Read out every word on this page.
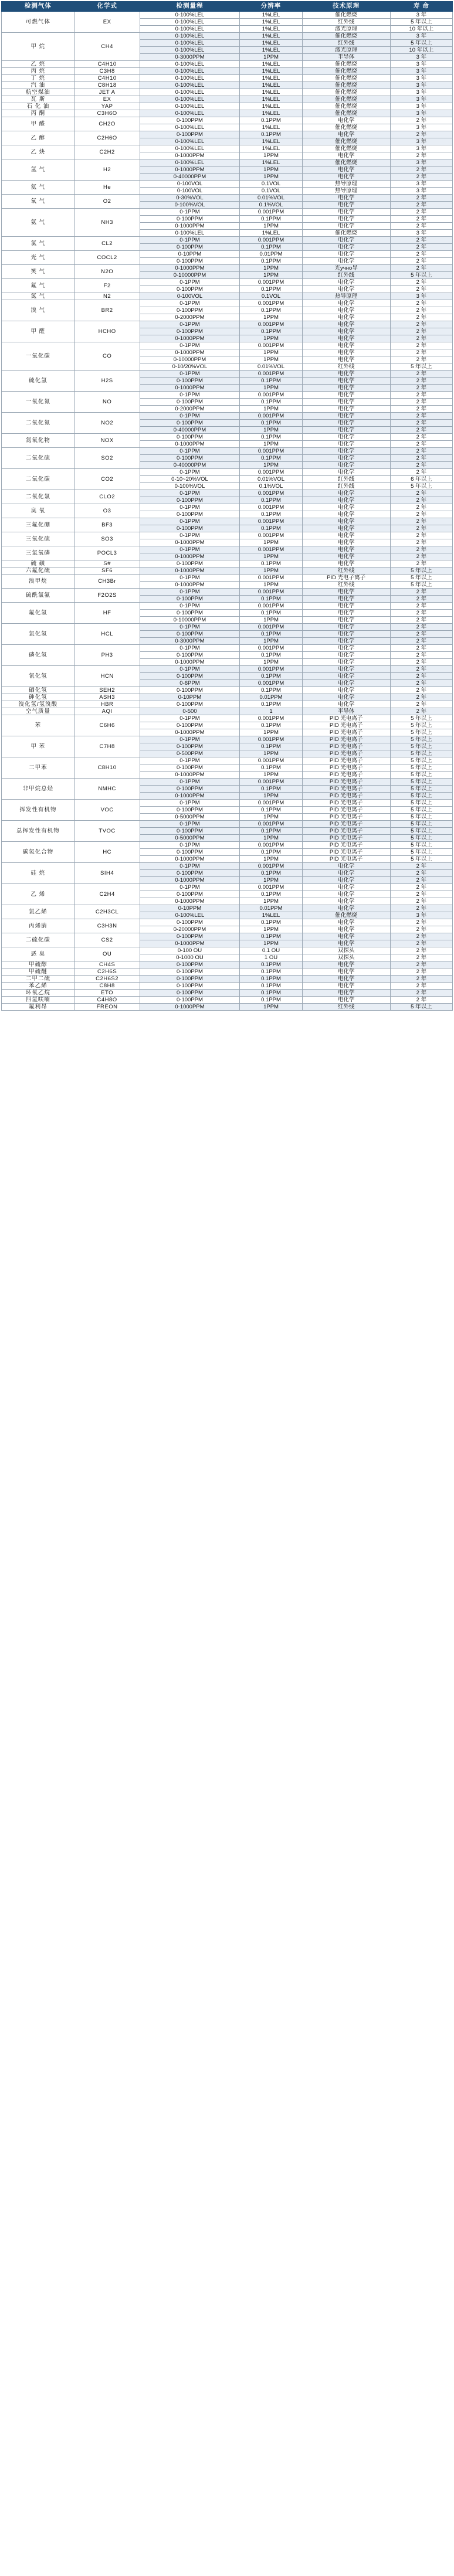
检测气体	化学式	检测量程	分辨率	技术原理	寿 命
可燃气体	EX	0-100%LEL	1%LEL	催化燃烧	3 年
		0-100%LEL	1%LEL	红外线	5 年以上
		0-100%LEL	1%LEL	激光原理	10 年以上
甲 烷	CH4	0-100%LEL	1%LEL	催化燃烧	3 年
		0-100%LEL	1%LEL	红外线	5 年以上
		0-100%LEL	1%LEL	激光原理	10 年以上
		0-3000PPM	1PPM	半导体	3 年
乙 烷	C4H10	0-100%LEL	1%LEL	催化燃烧	3 年
丙 烷	C3H8	0-100%LEL	1%LEL	催化燃烧	3 年
丁 烷	C4H10	0-100%LEL	1%LEL	催化燃烧	3 年
汽 油	C8H18	0-100%LEL	1%LEL	催化燃烧	3 年
航空煤油	JET A	0-100%LEL	1%LEL	催化燃烧	3 年
瓦 斯	EX	0-100%LEL	1%LEL	催化燃烧	3 年
石 化 油	YAP	0-100%LEL	1%LEL	催化燃烧	3 年
丙 酮	C3H6O	0-100%LEL	1%LEL	催化燃烧	3 年
甲 醛	CH2O	0-100PPM	0.1PPM	电化学	2 年
		0-100%LEL	1%LEL	催化燃烧	3 年
乙 醇	C2H6O	0-100PPM	0.1PPM	电化学	2 年
		0-100%LEL	1%LEL	催化燃烧	3 年
乙 炔	C2H2	0-100%LEL	1%LEL	催化燃烧	3 年
		0-1000PPM	1PPM	电化学	2 年
氢 气	H2	0-100%LEL	1%LEL	催化燃烧	3 年
		0-1000PPM	1PPM	电化学	2 年
		0-40000PPM	1PPM	电化学	2 年
氦 气	He	0-100VOL	0.1VOL	热导原理	3 年
		0-100VOL	0.1VOL	热导原理	3 年
氧 气	O2	0-30%VOL	0.01%VOL	电化学	2 年
		0-100%VOL	0.1%VOL	电化学	2 年
氨 气	NH3	0-1PPM	0.001PPM	电化学	2 年
		0-100PPM	0.1PPM	电化学	2 年
		0-1000PPM	1PPM	电化学	2 年
		0-100%LEL	1%LEL	催化燃烧	3 年
氯 气	CL2	0-1PPM	0.001PPM	电化学	2 年
		0-100PPM	0.1PPM	电化学	2 年
光 气	COCL2	0-10PPM	0.01PPM	电化学	2 年
		0-100PPM	0.1PPM	电化学	2 年
笑 气	N2O	0-1000PPM	1PPM	光учно导	2 年
		0-10000PPM	1PPM	红外线	5 年以上
氟 气	F2	0-1PPM	0.001PPM	电化学	2 年
		0-100PPM	0.1PPM	电化学	2 年
氮 气	N2	0-100VOL	0.1VOL	热导原理	3 年
溴 气	BR2	0-1PPM	0.001PPM	电化学	2 年
		0-100PPM	0.1PPM	电化学	2 年
		0-2000PPM	1PPM	电化学	2 年
甲 醛	HCHO	0-1PPM	0.001PPM	电化学	2 年
		0-100PPM	0.1PPM	电化学	2 年
		0-1000PPM	1PPM	电化学	2 年
一氧化碳	CO	0-1PPM	0.001PPM	电化学	2 年
		0-1000PPM	1PPM	电化学	2 年
		0-10000PPM	1PPM	电化学	2 年
		0-10/20%VOL	0.01%VOL	红外线	5 年以上
硫化氢	H2S	0-1PPM	0.001PPM	电化学	2 年
		0-100PPM	0.1PPM	电化学	2 年
		0-1000PPM	1PPM	电化学	2 年
一氧化氮	NO	0-1PPM	0.001PPM	电化学	2 年
		0-100PPM	0.1PPM	电化学	2 年
		0-2000PPM	1PPM	电化学	2 年
二氧化氮	NO2	0-1PPM	0.001PPM	电化学	2 年
		0-100PPM	0.1PPM	电化学	2 年
		0-40000PPM	1PPM	电化学	2 年
氮氧化物	NOX	0-100PPM	0.1PPM	电化学	2 年
		0-1000PPM	1PPM	电化学	2 年
二氧化硫	SO2	0-1PPM	0.001PPM	电化学	2 年
		0-100PPM	0.1PPM	电化学	2 年
		0-40000PPM	1PPM	电化学	2 年
二氧化碳	CO2	0-1PPM	0.001PPM	电化学	2 年
		0-10~20%VOL	0.01%VOL	红外线	6 年以上
		0-100%VOL	0.1%VOL	红外线	5 年以上
二氧化氯	CLO2	0-1PPM	0.001PPM	电化学	2 年
		0-100PPM	0.1PPM	电化学	2 年
臭 氧	O3	0-1PPM	0.001PPM	电化学	2 年
		0-100PPM	0.1PPM	电化学	2 年
三氟化硼	BF3	0-1PPM	0.001PPM	电化学	2 年
		0-100PPM	0.1PPM	电化学	2 年
三氧化硫	SO3	0-1PPM	0.001PPM	电化学	2 年
		0-1000PPM	1PPM	电化学	2 年
三氯氧磷	POCL3	0-1PPM	0.001PPM	电化学	2 年
		0-1000PPM	1PPM	电化学	2 年
硫 磺	S#	0-100PPM	0.1PPM	电化学	2 年
六氟化硫	SF6	0-1000PPM	1PPM	红外线	5 年以上
溴甲烷	CH3Br	0-1PPM	0.001PPM	PID 光电子离子	5 年以上
		0-1000PPM	1PPM	红外线	5 年以上
硫酰氯氟	F2O2S	0-1PPM	0.001PPM	电化学	2 年
		0-100PPM	0.1PPM	电化学	2 年
氟化氢	HF	0-1PPM	0.001PPM	电化学	2 年
		0-100PPM	0.1PPM	电化学	2 年
		0-10000PPM	1PPM	电化学	2 年
氯化氢	HCL	0-1PPM	0.001PPM	电化学	2 年
		0-100PPM	0.1PPM	电化学	2 年
		0-3000PPM	1PPM	电化学	2 年
磷化氢	PH3	0-1PPM	0.001PPM	电化学	2 年
		0-100PPM	0.1PPM	电化学	2 年
		0-1000PPM	1PPM	电化学	2 年
氰化氢	HCN	0-1PPM	0.001PPM	电化学	2 年
		0-100PPM	0.1PPM	电化学	2 年
		0-6PPM	0.001PPM	电化学	2 年
硒化氢	SEH2	0-100PPM	0.1PPM	电化学	2 年
砷化氢	ASH3	0-10PPM	0.01PPM	电化学	2 年
溴化氢/氢溴酸	HBR	0-100PPM	0.1PPM	电化学	2 年
空气质量	AQI	0-500	1	半导体	2 年
苯	C6H6	0-1PPM	0.001PPM	PID 光电离子	5 年以上
		0-100PPM	0.1PPM	PID 光电离子	5 年以上
		0-1000PPM	1PPM	PID 光电离子	5 年以上
甲 苯	C7H8	0-1PPM	0.001PPM	PID 光电离子	5 年以上
		0-100PPM	0.1PPM	PID 光电离子	5 年以上
		0-500PPM	1PPM	PID 光电离子	5 年以上
二甲苯	C8H10	0-1PPM	0.001PPM	PID 光电离子	5 年以上
		0-100PPM	0.1PPM	PID 光电离子	5 年以上
		0-1000PPM	1PPM	PID 光电离子	5 年以上
非甲烷总烃	NMHC	0-1PPM	0.001PPM	PID 光电离子	5 年以上
		0-100PPM	0.1PPM	PID 光电离子	5 年以上
		0-1000PPM	1PPM	PID 光电离子	5 年以上
挥发性有机物	VOC	0-1PPM	0.001PPM	PID 光电离子	5 年以上
		0-100PPM	0.1PPM	PID 光电离子	5 年以上
		0-5000PPM	1PPM	PID 光电离子	5 年以上
总挥发性有机物	TVOC	0-1PPM	0.001PPM	PID 光电离子	5 年以上
		0-100PPM	0.1PPM	PID 光电离子	5 年以上
		0-5000PPM	1PPM	PID 光电离子	5 年以上
碳氢化合物	HC	0-1PPM	0.001PPM	PID 光电离子	5 年以上
		0-100PPM	0.1PPM	PID 光电离子	5 年以上
		0-1000PPM	1PPM	PID 光电离子	5 年以上
硅 烷	SIH4	0-1PPM	0.001PPM	电化学	2 年
		0-100PPM	0.1PPM	电化学	2 年
		0-1000PPM	1PPM	电化学	2 年
乙 烯	C2H4	0-1PPM	0.001PPM	电化学	2 年
		0-100PPM	0.1PPM	电化学	2 年
		0-1000PPM	1PPM	电化学	2 年
氯乙烯	C2H3CL	0-10PPM	0.01PPM	电化学	2 年
		0-100%LEL	1%LEL	催化燃烧	3 年
丙烯腈	C3H3N	0-100PPM	0.1PPM	电化学	2 年
		0-20000PPM	1PPM	电化学	2 年
二硫化碳	CS2	0-100PPM	0.1PPM	电化学	2 年
		0-1000PPM	1PPM	电化学	2 年
恶 臭	OU	0-100 OU	0.1 OU	双探头	2 年
		0-1000 OU	1 OU	双探头	2 年
甲硫醇	CH4S	0-100PPM	0.1PPM	电化学	2 年
甲硫醚	C2H6S	0-100PPM	0.1PPM	电化学	2 年
二甲二硫	C2H6S2	0-100PPM	0.1PPM	电化学	2 年
苯乙烯	C8H8	0-100PPM	0.1PPM	电化学	2 年
环氧乙烷	ETO	0-100PPM	0.1PPM	电化学	2 年
四氢呋喃	C4H8O	0-100PPM	0.1PPM	电化学	2 年
氟利昂	FREON	0-1000PPM	1PPM	红外线	5 年以上
